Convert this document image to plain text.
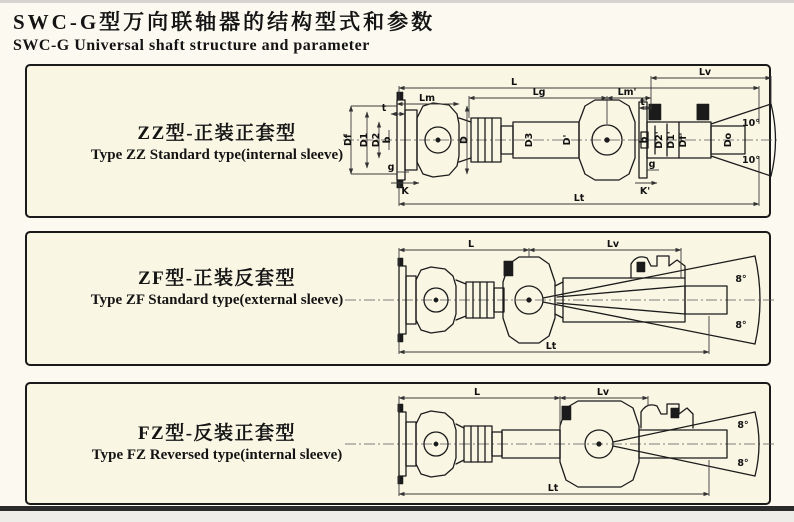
SWC-G型万向联轴器的结构型式和参数
SWC-G Universal shaft structure and parameter
ZZ型-正装正套型
Type ZZ Standard type(internal sleeve)
Lv
L
Lg	Lm'
Lm
t
t'
Df D1 D2 b	D	D3	D'	b D2' D1' Df'	Do
g
K
g
K'
Lt
10°
10°
ZF型-正装反套型
Type ZF Standard type(external sleeve)
L	Lv
Lt
8°
8°
FZ型-反装正套型
Type FZ Reversed type(internal sleeve)
L	Lv
Lt
8°
8°
